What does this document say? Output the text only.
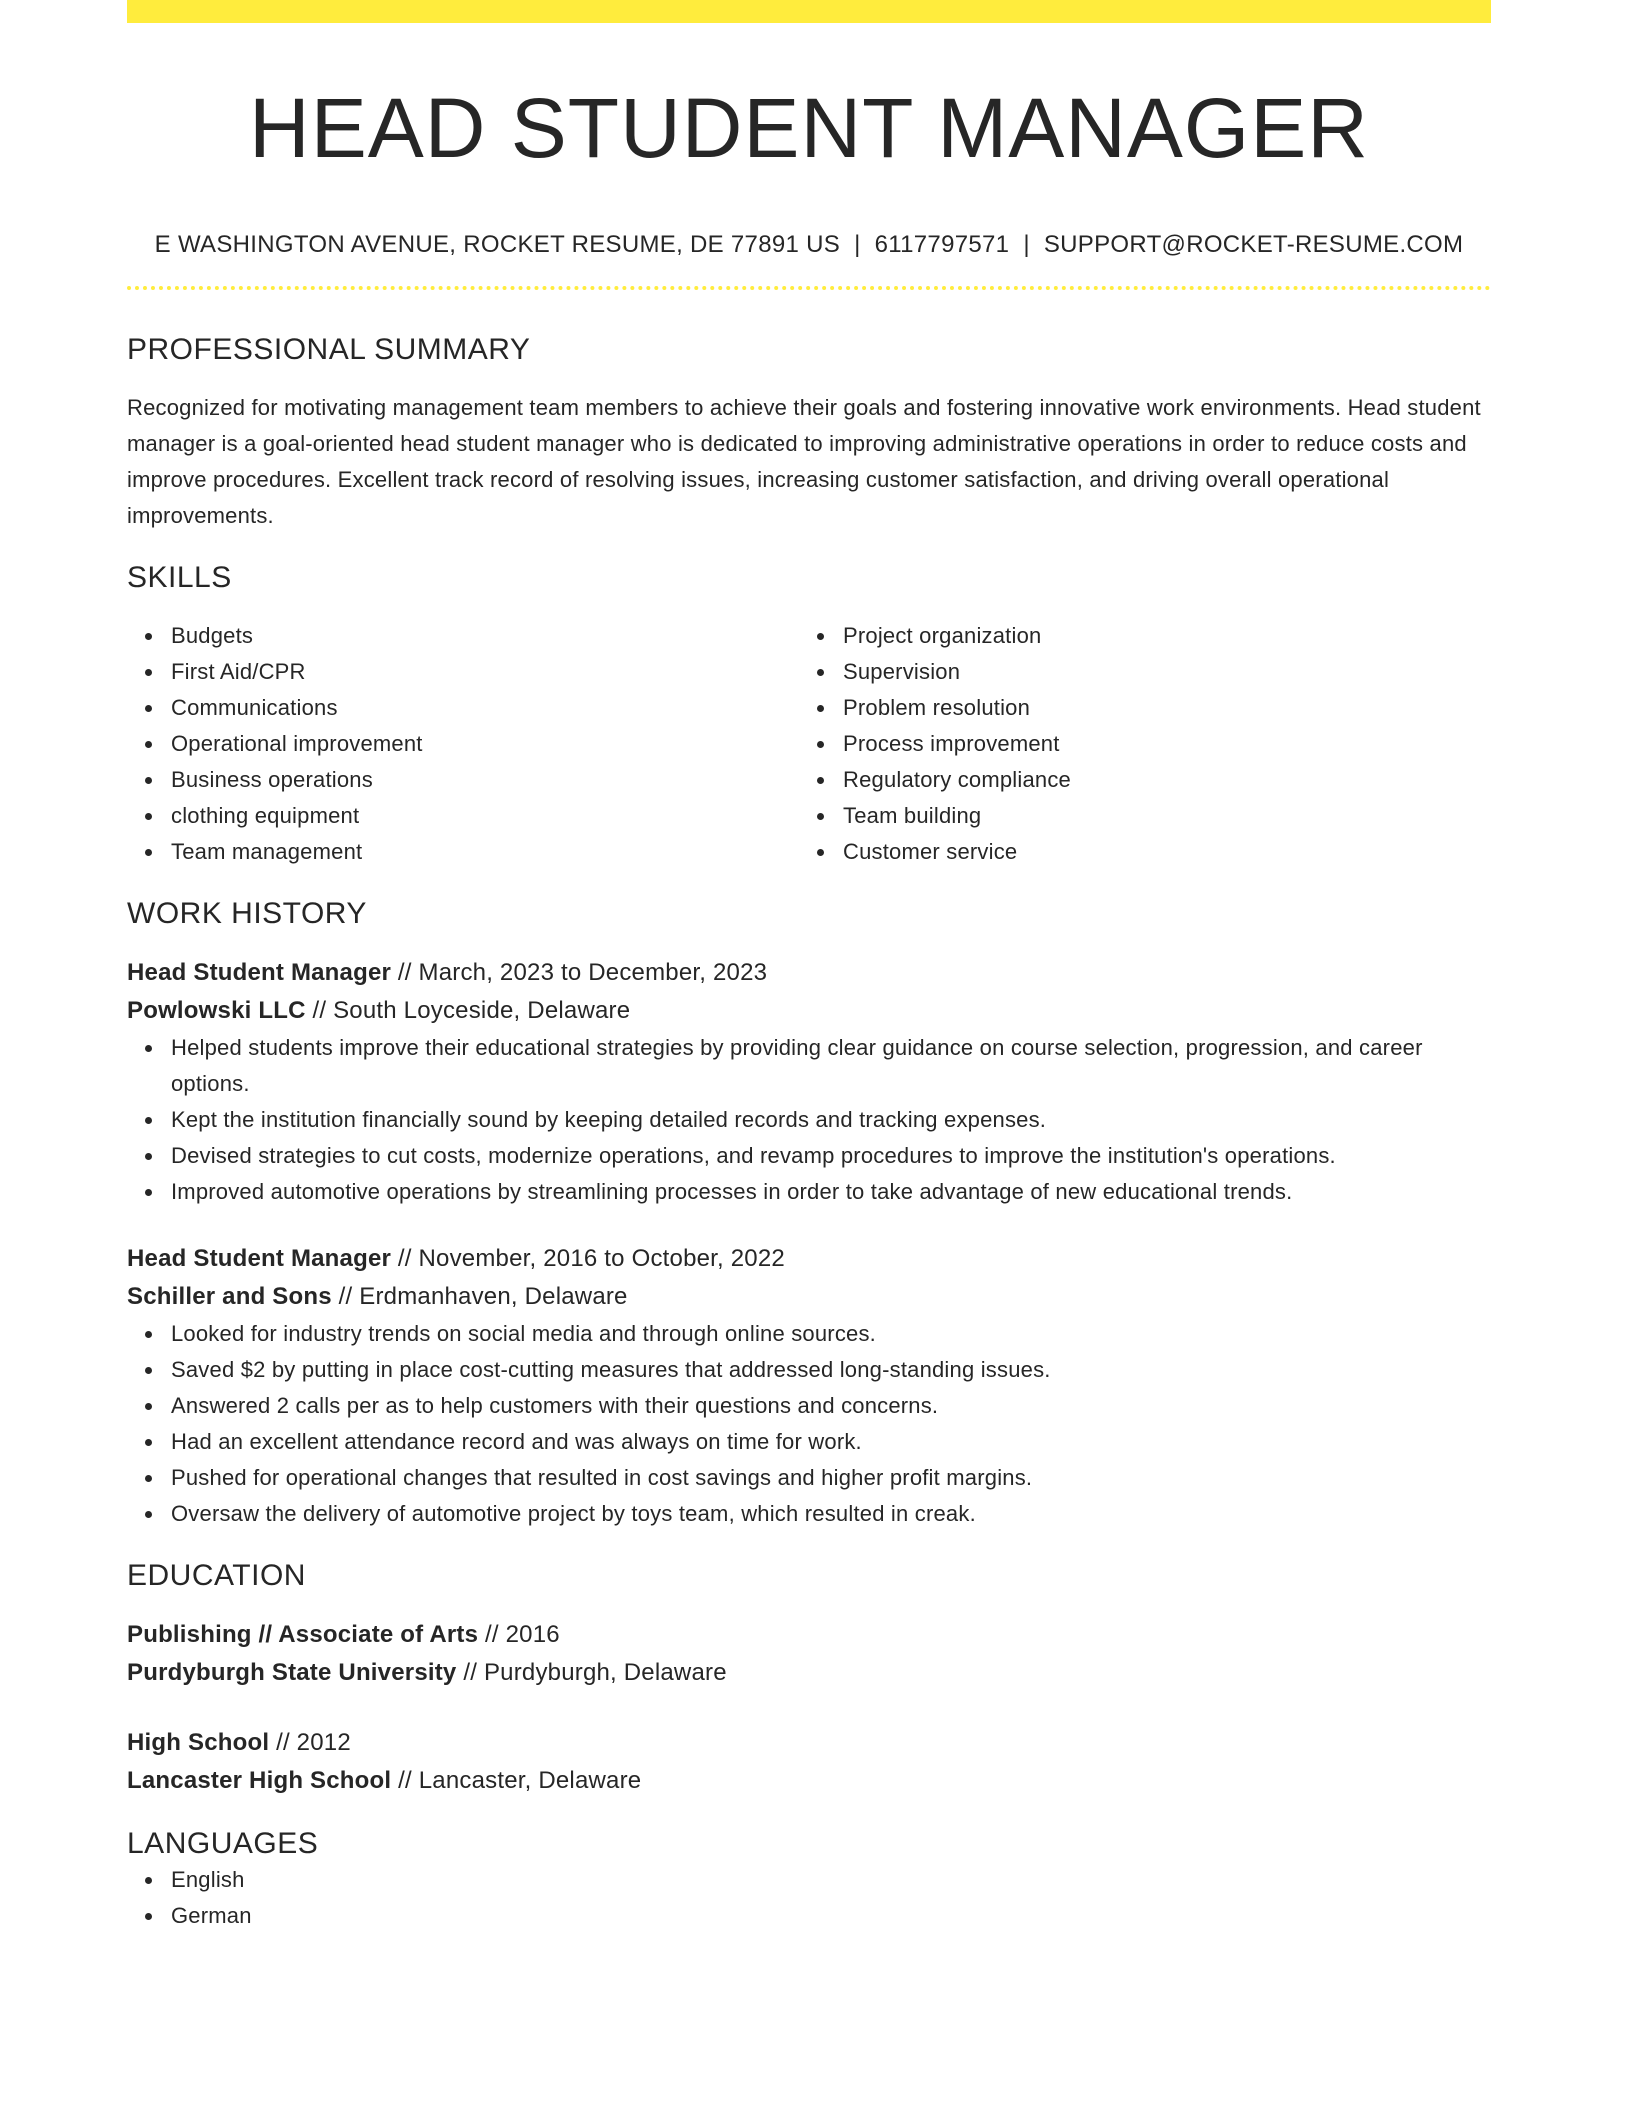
HEAD STUDENT MANAGER
E WASHINGTON AVENUE, ROCKET RESUME, DE 77891 US | 6117797571 | SUPPORT@ROCKET-RESUME.COM
PROFESSIONAL SUMMARY

Recognized for motivating management team members to achieve their goals and fostering innovative work environments. Head student manager is a goal-oriented head student manager who is dedicated to improving administrative operations in order to reduce costs and improve procedures. Excellent track record of resolving issues, increasing customer satisfaction, and driving overall operational improvements.

SKILLS
Budgets
First Aid/CPR
Communications
Operational improvement
Business operations
clothing equipment
Team management
Project organization
Supervision
Problem resolution
Process improvement
Regulatory compliance
Team building
Customer service
WORK HISTORY
Head Student Manager // March, 2023 to December, 2023
Powlowski LLC // South Loyceside, Delaware
Helped students improve their educational strategies by providing clear guidance on course selection, progression, and career options.
Kept the institution financially sound by keeping detailed records and tracking expenses.
Devised strategies to cut costs, modernize operations, and revamp procedures to improve the institution's operations.
Improved automotive operations by streamlining processes in order to take advantage of new educational trends.
Head Student Manager // November, 2016 to October, 2022
Schiller and Sons // Erdmanhaven, Delaware
Looked for industry trends on social media and through online sources.
Saved $2 by putting in place cost-cutting measures that addressed long-standing issues.
Answered 2 calls per as to help customers with their questions and concerns.
Had an excellent attendance record and was always on time for work.
Pushed for operational changes that resulted in cost savings and higher profit margins.
Oversaw the delivery of automotive project by toys team, which resulted in creak.
EDUCATION
Publishing // Associate of Arts // 2016
Purdyburgh State University // Purdyburgh, Delaware
High School // 2012
Lancaster High School // Lancaster, Delaware
LANGUAGES
English
German
